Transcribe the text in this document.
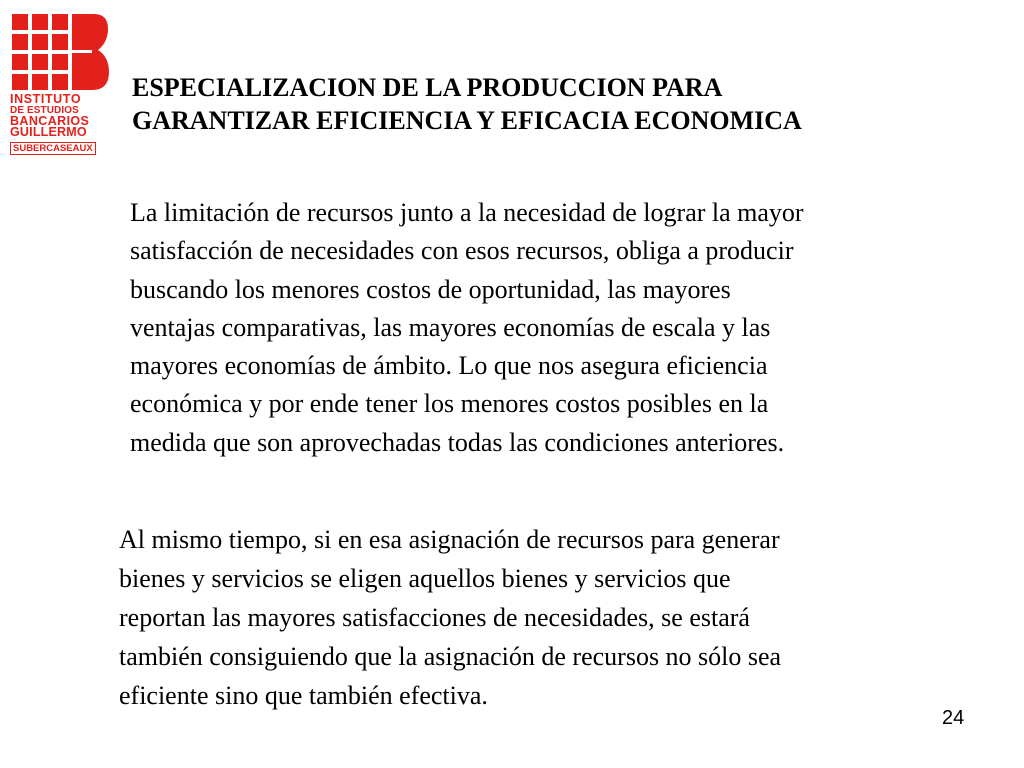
INSTITUTO
DE ESTUDIOS
BANCARIOS
GUILLERMO
SUBERCASEAUX
ESPECIALIZACION DE LA PRODUCCION PARA
GARANTIZAR EFICIENCIA Y EFICACIA ECONOMICA

La limitación de recursos junto a la necesidad de lograr la mayor
satisfacción de necesidades con esos recursos, obliga a producir
buscando los menores costos de oportunidad, las mayores
ventajas comparativas, las mayores economías de escala y las
mayores economías de ámbito. Lo que nos asegura eficiencia
económica y por ende tener los menores costos posibles en la
medida que son aprovechadas todas las condiciones anteriores.

Al mismo tiempo, si en esa asignación de recursos para generar
bienes y servicios se eligen aquellos bienes y servicios que
reportan las mayores satisfacciones de necesidades, se estará
también consiguiendo que la asignación de recursos no sólo sea
eficiente sino que también efectiva.

24
